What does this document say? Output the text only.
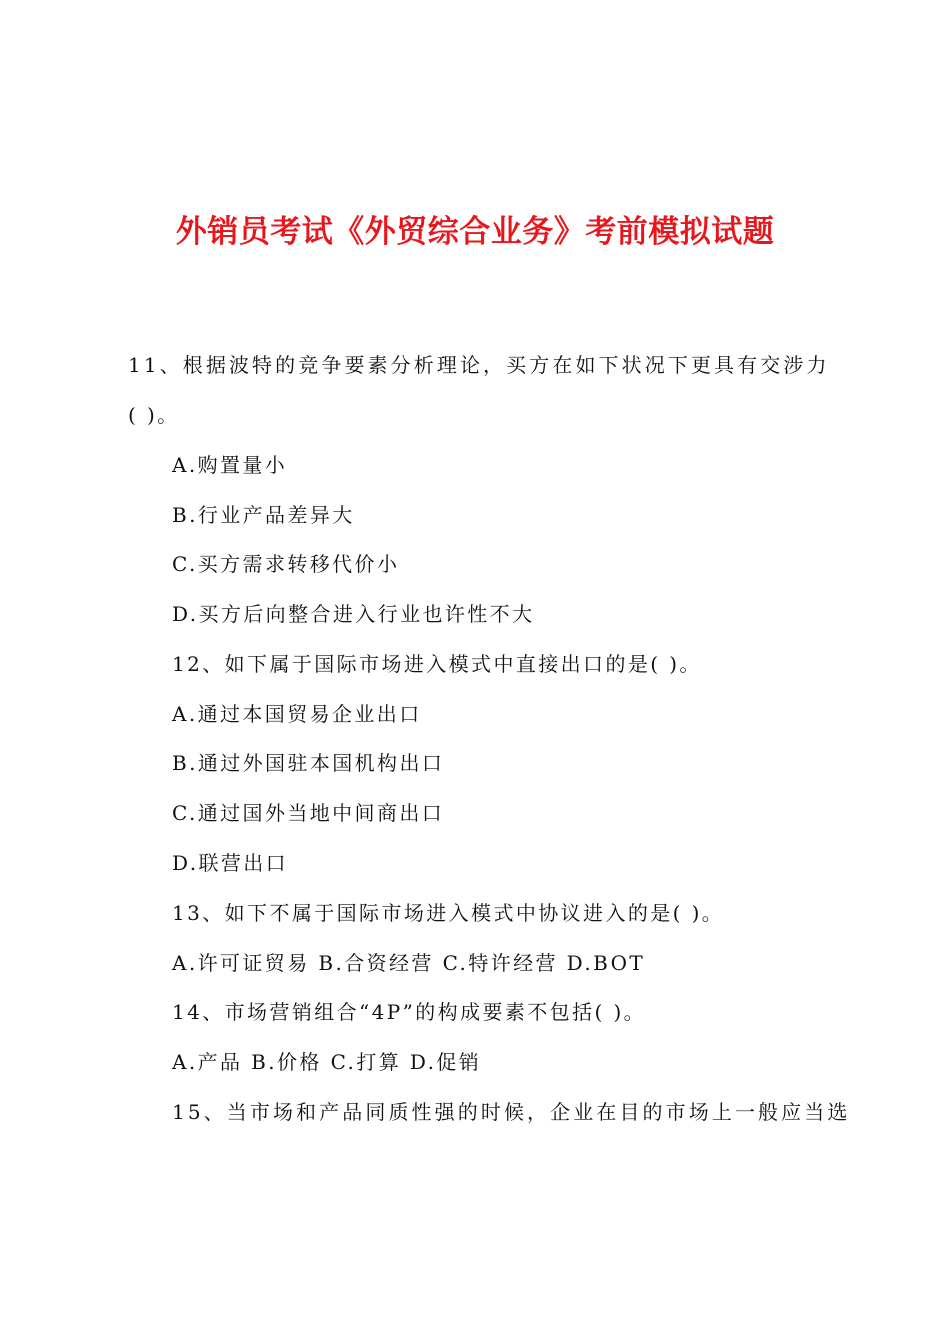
外销员考试《外贸综合业务》考前模拟试题
11、根据波特的竞争要素分析理论，买方在如下状况下更具有交涉力
( )。
A.购置量小
B.行业产品差异大
C.买方需求转移代价小
D.买方后向整合进入行业也许性不大
12、如下属于国际市场进入模式中直接出口的是( )。
A.通过本国贸易企业出口
B.通过外国驻本国机构出口
C.通过国外当地中间商出口
D.联营出口
13、如下不属于国际市场进入模式中协议进入的是( )。
A.许可证贸易 B.合资经营 C.特许经营 D.BOT
14、市场营销组合“4P”的构成要素不包括( )。
A.产品 B.价格 C.打算 D.促销
15、当市场和产品同质性强的时候，企业在目的市场上一般应当选
